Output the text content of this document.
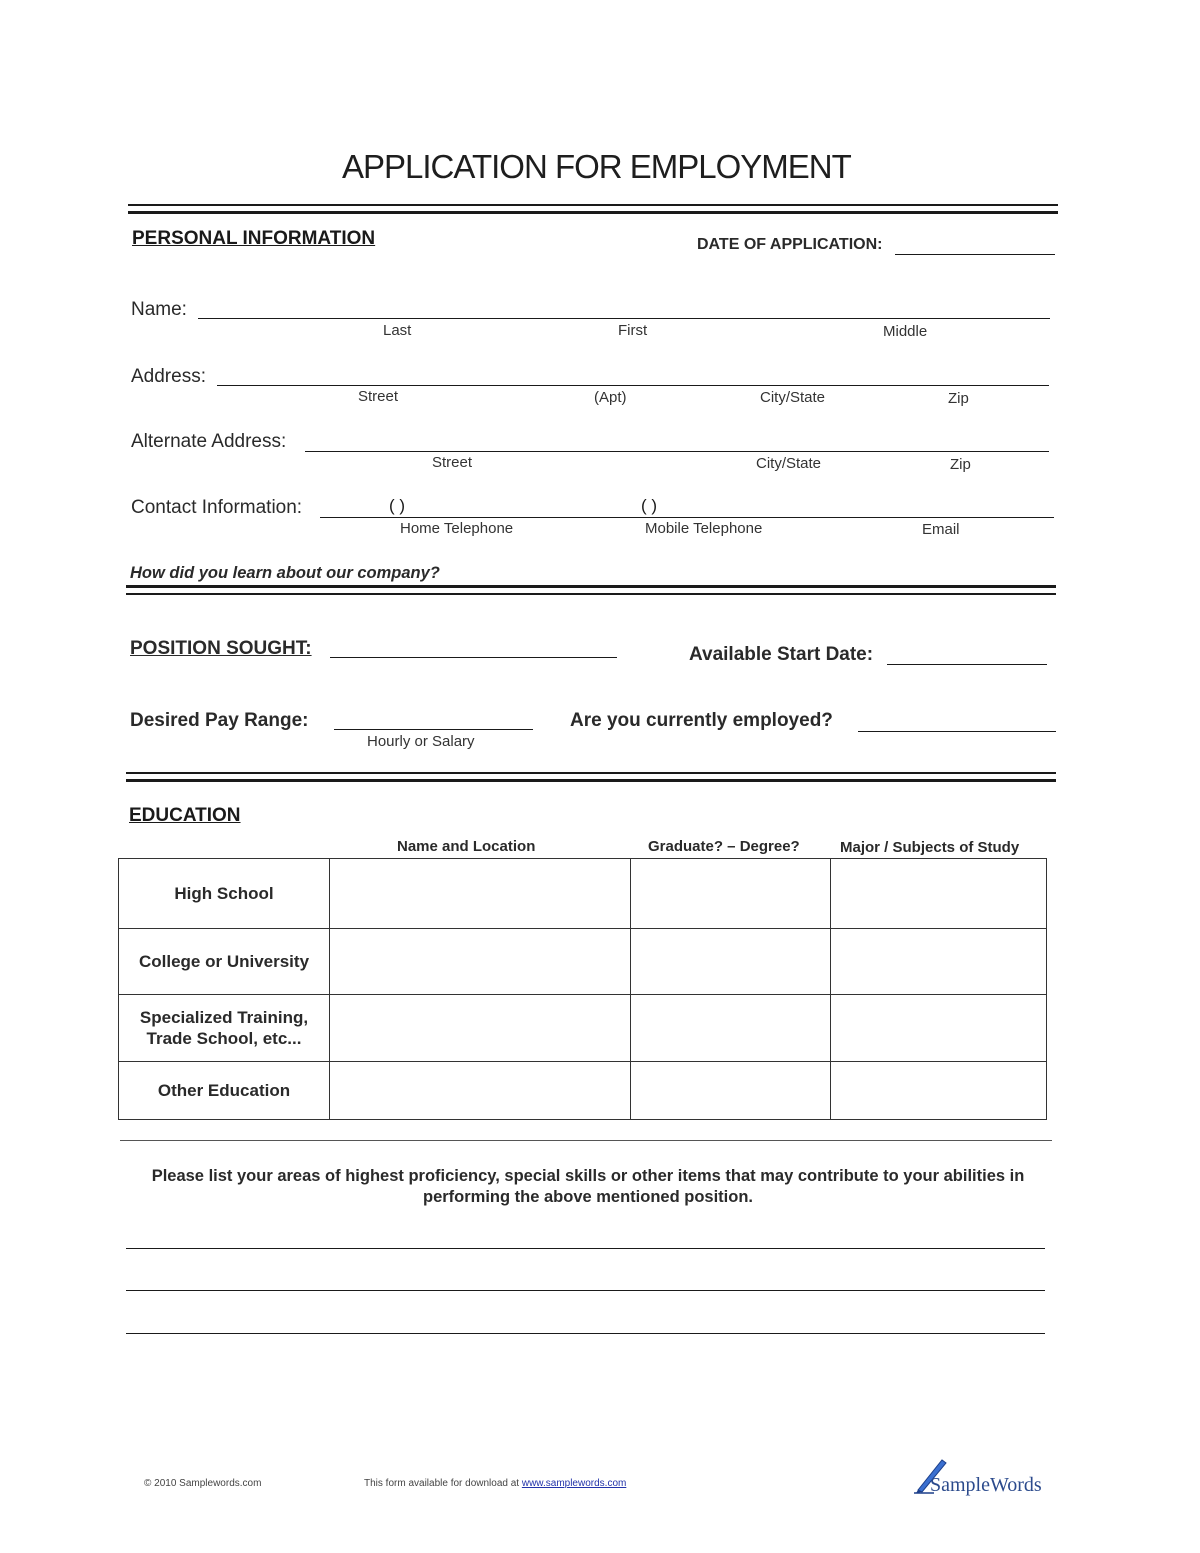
APPLICATION FOR EMPLOYMENT
PERSONAL INFORMATION	DATE OF APPLICATION:
Name:
Last	First	Middle
Address:
Street	(Apt)	City/State	Zip
Alternate Address:
Street	City/State	Zip
Contact Information:	( )	( )
Home Telephone	Mobile Telephone	Email
How did you learn about our company?
POSITION SOUGHT:	Available Start Date:
Desired Pay Range:
Hourly or Salary
Are you currently employed?
EDUCATION
Name and Location	Graduate? – Degree?	Major / Subjects of Study
High School			
College or University			
Specialized Training, Trade School, etc...			
Other Education			
Please list your areas of highest proficiency, special skills or other items that may contribute to your abilities in performing the above mentioned position.
© 2010 Samplewords.com	This form available for download at www.samplewords.com	SampleWords
